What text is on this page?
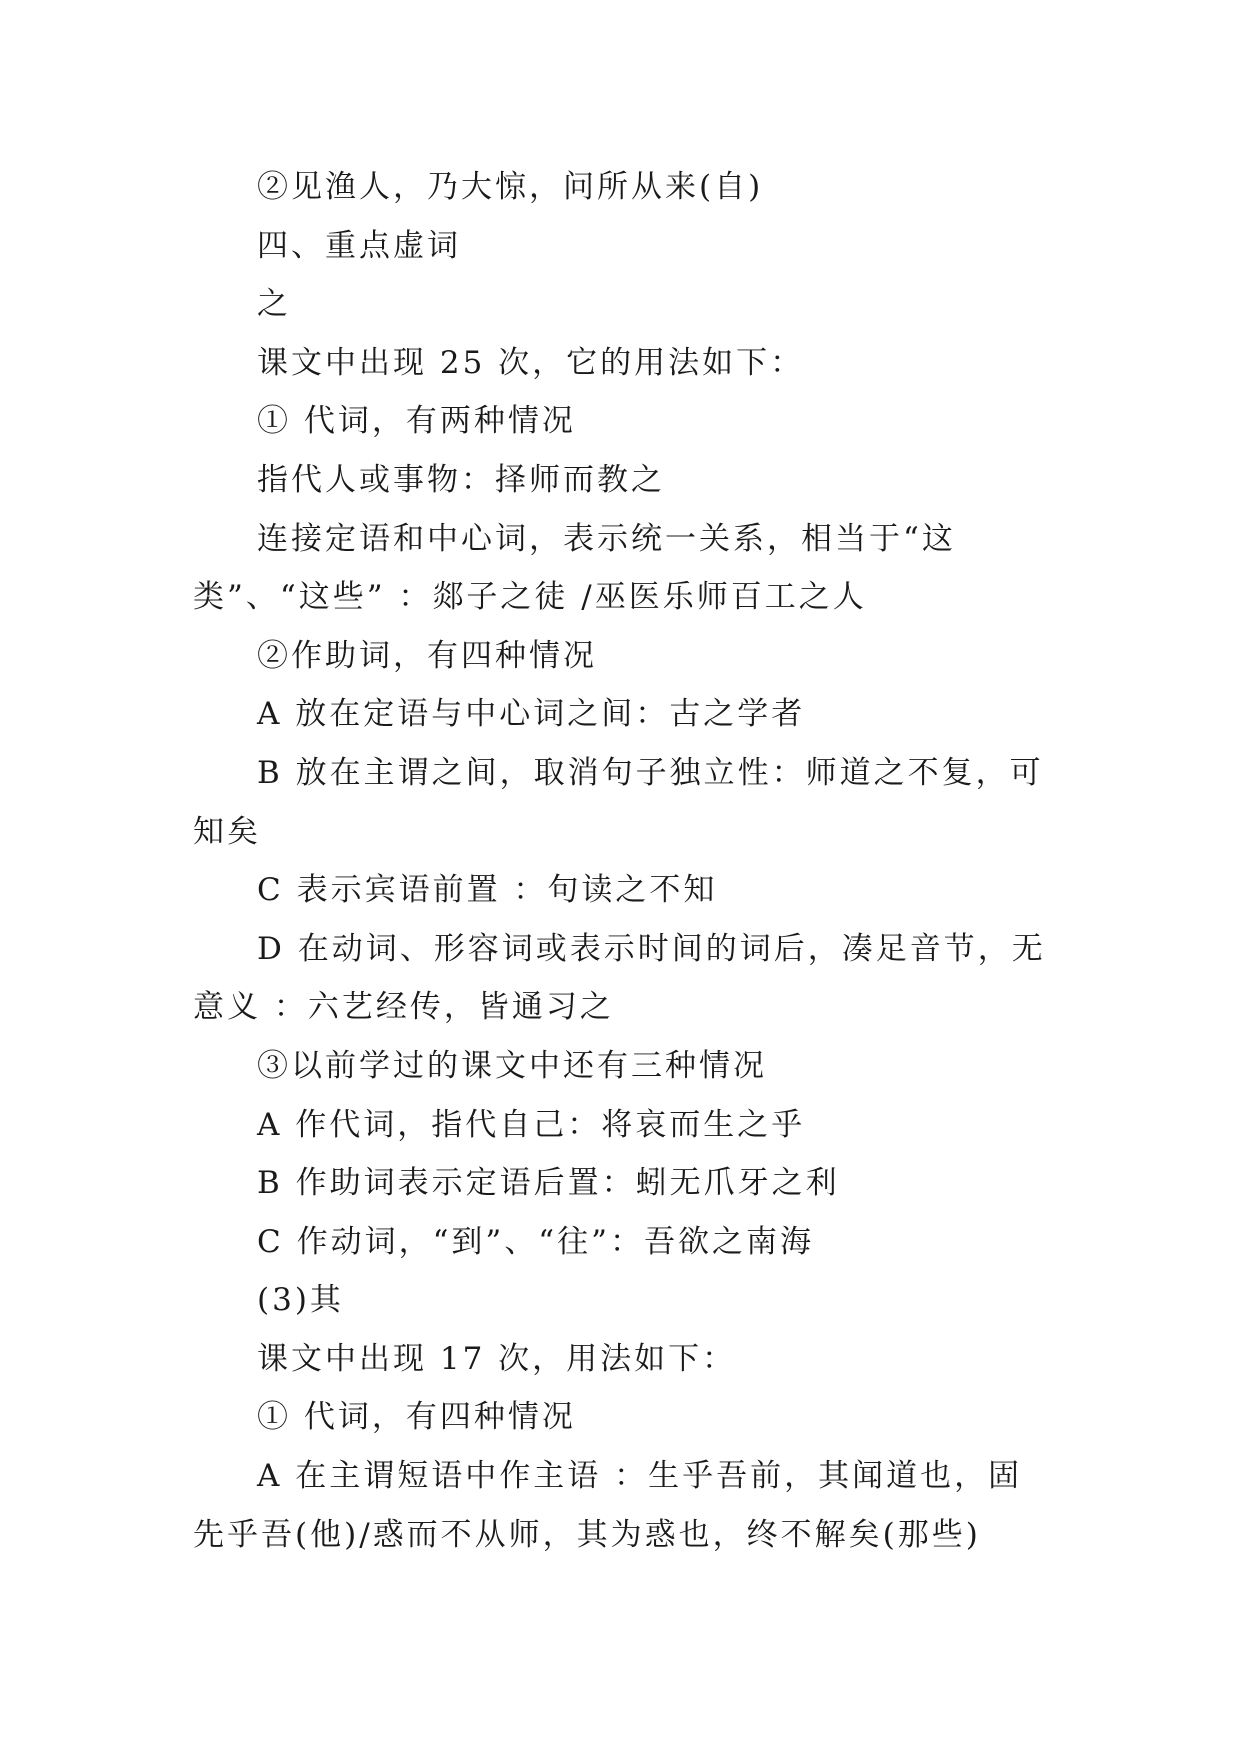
②见渔人，乃大惊，问所从来(自)

四、重点虚词

之

课文中出现 25 次，它的用法如下：

① 代词，有两种情况

指代人或事物：择师而教之

连接定语和中心词，表示统一关系，相当于“这类”、“这些” ：郯子之徒 /巫医乐师百工之人

②作助词，有四种情况

A 放在定语与中心词之间：古之学者

B 放在主谓之间，取消句子独立性：师道之不复，可知矣

C 表示宾语前置 ：句读之不知

D 在动词、形容词或表示时间的词后，凑足音节，无意义 ：六艺经传，皆通习之

③以前学过的课文中还有三种情况

A 作代词，指代自己：将哀而生之乎

B 作助词表示定语后置：蚓无爪牙之利

C 作动词，“到”、“往”：吾欲之南海

(3)其

课文中出现 17 次，用法如下：

① 代词，有四种情况

A 在主谓短语中作主语 ：生乎吾前，其闻道也，固先乎吾(他)/惑而不从师，其为惑也，终不解矣(那些)
